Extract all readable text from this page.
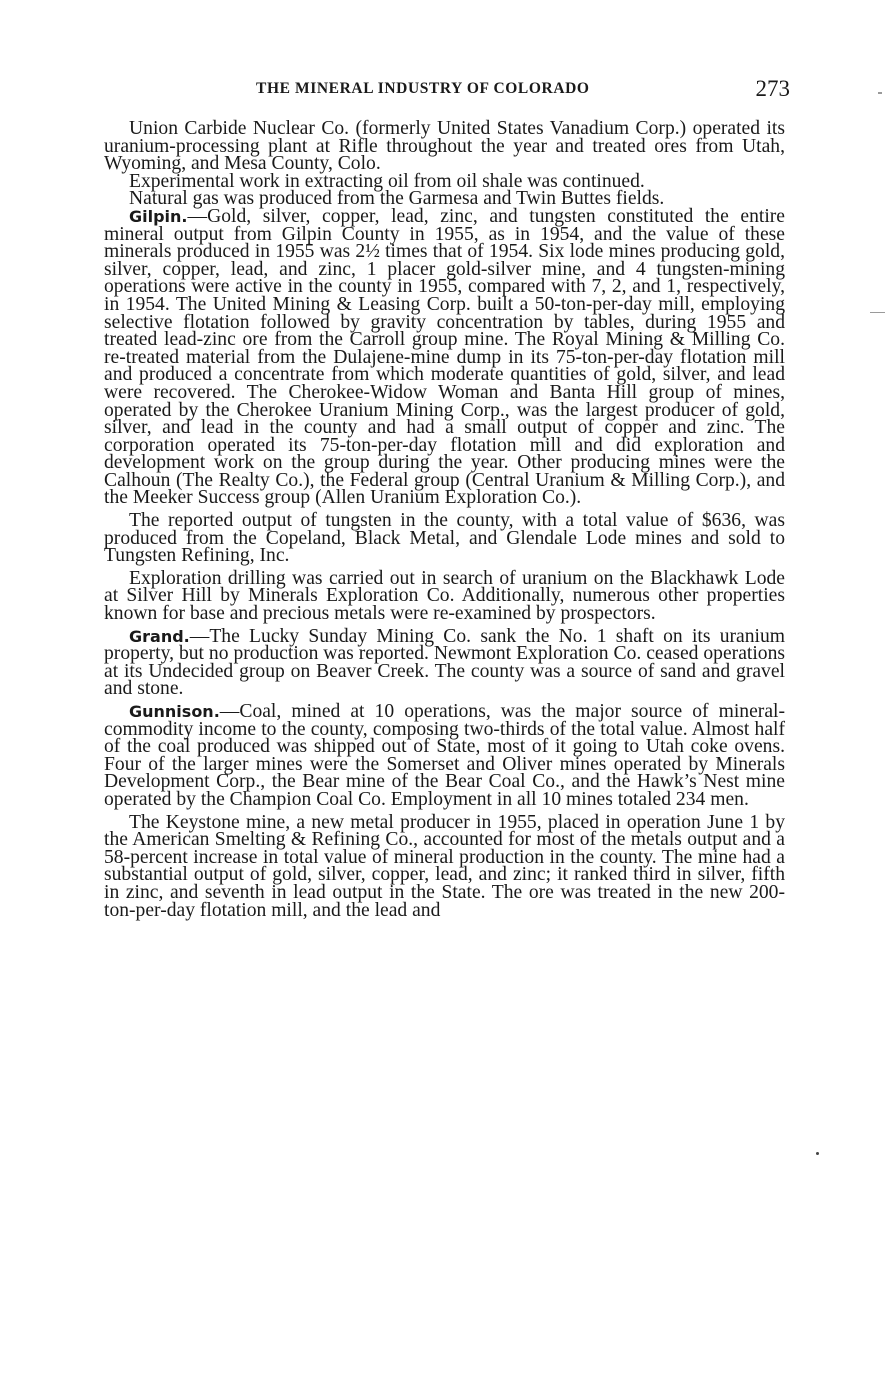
THE MINERAL INDUSTRY OF COLORADO	273

Union Carbide Nuclear Co. (formerly United States Vanadium Corp.) operated its uranium-processing plant at Rifle throughout the year and treated ores from Utah, Wyoming, and Mesa County, Colo.

Experimental work in extracting oil from oil shale was continued.

Natural gas was produced from the Garmesa and Twin Buttes fields.

Gilpin.—Gold, silver, copper, lead, zinc, and tungsten constituted the entire mineral output from Gilpin County in 1955, as in 1954, and the value of these minerals produced in 1955 was 2½ times that of 1954. Six lode mines producing gold, silver, copper, lead, and zinc, 1 placer gold-silver mine, and 4 tungsten-mining operations were active in the county in 1955, compared with 7, 2, and 1, respectively, in 1954. The United Mining & Leasing Corp. built a 50-ton-per-day mill, employing selective flotation followed by gravity concentration by tables, during 1955 and treated lead-zinc ore from the Carroll group mine. The Royal Mining & Milling Co. re-treated material from the Dulajene-mine dump in its 75-ton-per-day flotation mill and produced a concentrate from which moderate quantities of gold, silver, and lead were recovered. The Cherokee-Widow Woman and Banta Hill group of mines, operated by the Cherokee Uranium Mining Corp., was the largest producer of gold, silver, and lead in the county and had a small output of copper and zinc. The corporation operated its 75-ton-per-day flotation mill and did exploration and development work on the group during the year. Other producing mines were the Calhoun (The Realty Co.), the Federal group (Central Uranium & Milling Corp.), and the Meeker Success group (Allen Uranium Exploration Co.).

The reported output of tungsten in the county, with a total value of $636, was produced from the Copeland, Black Metal, and Glendale Lode mines and sold to Tungsten Refining, Inc.

Exploration drilling was carried out in search of uranium on the Blackhawk Lode at Silver Hill by Minerals Exploration Co. Additionally, numerous other properties known for base and precious metals were re-examined by prospectors.

Grand.—The Lucky Sunday Mining Co. sank the No. 1 shaft on its uranium property, but no production was reported. Newmont Exploration Co. ceased operations at its Undecided group on Beaver Creek. The county was a source of sand and gravel and stone.

Gunnison.—Coal, mined at 10 operations, was the major source of mineral-commodity income to the county, composing two-thirds of the total value. Almost half of the coal produced was shipped out of State, most of it going to Utah coke ovens. Four of the larger mines were the Somerset and Oliver mines operated by Minerals Development Corp., the Bear mine of the Bear Coal Co., and the Hawk’s Nest mine operated by the Champion Coal Co. Employment in all 10 mines totaled 234 men.

The Keystone mine, a new metal producer in 1955, placed in operation June 1 by the American Smelting & Refining Co., accounted for most of the metals output and a 58-percent increase in total value of mineral production in the county. The mine had a substantial output of gold, silver, copper, lead, and zinc; it ranked third in silver, fifth in zinc, and seventh in lead output in the State. The ore was treated in the new 200-ton-per-day flotation mill, and the lead and
